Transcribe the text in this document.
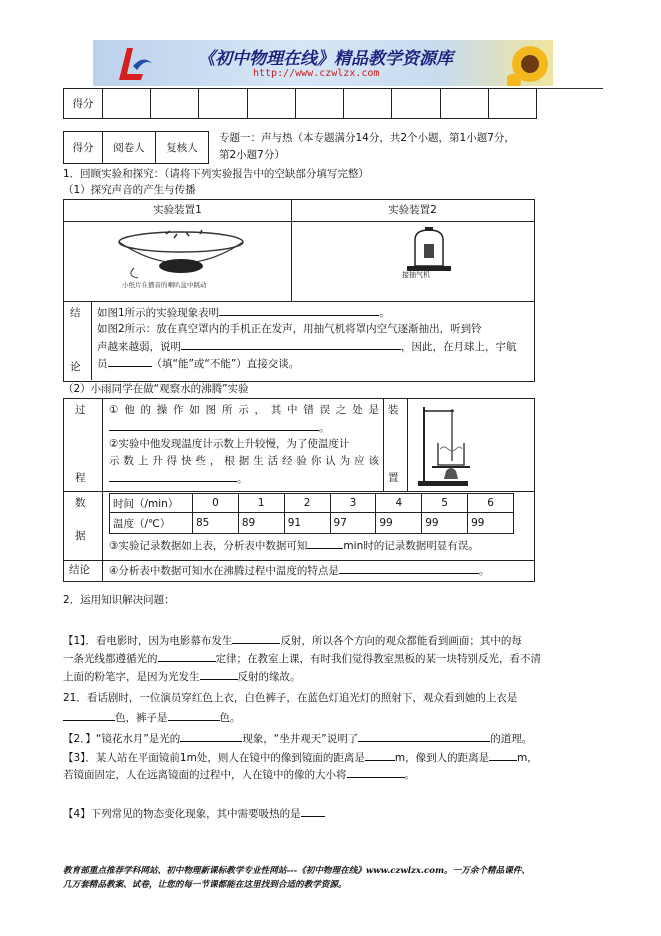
《初中物理在线》精品教学资源库
http://www.czwlzx.com
得分									
得分	阅卷人	复核人
专题一：声与热（本专题满分14分，共2个小题，第1小题7分，
第2小题7分）
1．回顾实验和探究：（请将下列实验报告中的空缺部分填写完整）
（1）探究声音的产生与传播
实验装置1	实验装置2
小纸片在播音的喇叭盆中跳动
接抽气机
结
论
如图1所示的实验现象表明	。
如图2所示：放在真空罩内的手机正在发声，用抽气机将罩内空气逐渐抽出，听到铃
声越来越弱，说明	，因此，在月球上，宇航
员	（填“能”或“不能”）直接交谈。
（2）小雨同学在做“观察水的沸腾”实验
过
程
①他的操作如图所示，其中错误之处是
。
②实验中他发现温度计示数上升较慢，为了使温度计
示数上升得快些，根据生活经验你认为应该
。
装
置
数
据
时间（/min）	0	1	2	3	4	5	6
温度（/℃）	85	89	91	97	99	99	99
③实验记录数据如上表，分析表中数据可知	min时的记录数据明显有误。
结论 ④分析表中数据可知水在沸腾过程中温度的特点是	。
2．运用知识解决问题：
【1】．看电影时，因为电影幕布发生	反射，所以各个方向的观众都能看到画面；其中的每
一条光线都遵循光的	定律；在教室上课，有时我们觉得教室黑板的某一块特别反光，看不清
上面的粉笔字，是因为光发生	反射的缘故。
21．看话剧时，一位演员穿红色上衣，白色裤子，在蓝色灯追光灯的照射下，观众看到她的上衣是
色，裤子是	色。
【2．】“镜花水月”是光的	现象，“坐井观天”说明了	的道理。
【3】．某人站在平面镜前1m处，则人在镜中的像到镜面的距离是	m，像到人的距离是	m，
若镜面固定，人在远离镜面的过程中，人在镜中的像的大小将	。
【4】下列常见的物态变化现象，其中需要吸热的是
教育部重点推荐学科网站、初中物理新课标教学专业性网站---《初中物理在线》www.czwlzx.com。一万余个精品课件、
几万套精品教案、试卷，让您的每一节课都能在这里找到合适的教学资源。
